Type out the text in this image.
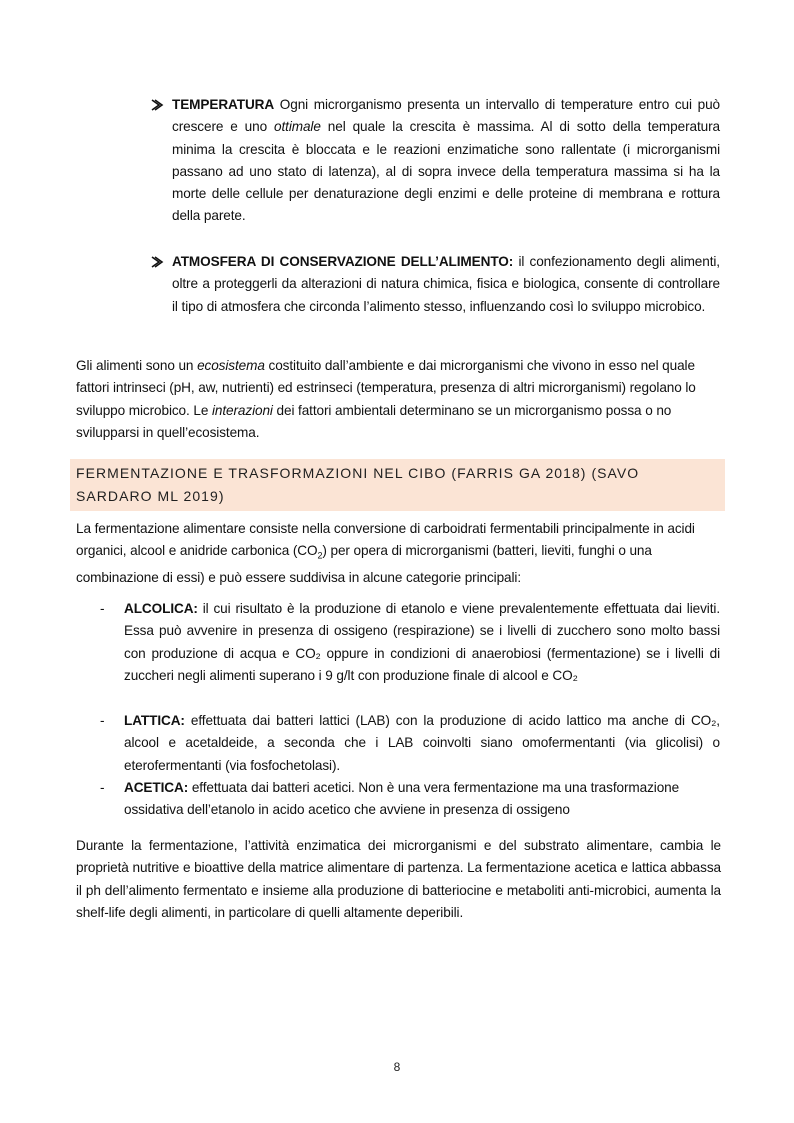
TEMPERATURA Ogni microrganismo presenta un intervallo di temperature entro cui può crescere e uno ottimale nel quale la crescita è massima. Al di sotto della temperatura minima la crescita è bloccata e le reazioni enzimatiche sono rallentate (i microrganismi passano ad uno stato di latenza), al di sopra invece della temperatura massima si ha la morte delle cellule per denaturazione degli enzimi e delle proteine di membrana e rottura della parete.
ATMOSFERA DI CONSERVAZIONE DELL’ALIMENTO: il confezionamento degli alimenti, oltre a proteggerli da alterazioni di natura chimica, fisica e biologica, consente di controllare il tipo di atmosfera che circonda l’alimento stesso, influenzando così lo sviluppo microbico.
Gli alimenti sono un ecosistema costituito dall’ambiente e dai microrganismi che vivono in esso nel quale fattori intrinseci (pH, aw, nutrienti) ed estrinseci (temperatura, presenza di altri microrganismi) regolano lo sviluppo microbico. Le interazioni dei fattori ambientali determinano se un microrganismo possa o no svilupparsi in quell’ecosistema.
FERMENTAZIONE E TRASFORMAZIONI NEL CIBO (FARRIS GA 2018) (SAVO SARDARO ML 2019)
La fermentazione alimentare consiste nella conversione di carboidrati fermentabili principalmente in acidi organici, alcool e anidride carbonica $(CO_2)$ per opera di microrganismi (batteri, lieviti, funghi o una combinazione di essi) e può essere suddivisa in alcune categorie principali:
-	ALCOLICA: il cui risultato è la produzione di etanolo e viene prevalentemente effettuata dai lieviti. Essa può avvenire in presenza di ossigeno (respirazione) se i livelli di zucchero sono molto bassi con produzione di acqua e CO₂ oppure in condizioni di anaerobiosi (fermentazione) se i livelli di zuccheri negli alimenti superano i 9 g/lt con produzione finale di alcool e CO₂
-	LATTICA: effettuata dai batteri lattici (LAB) con la produzione di acido lattico ma anche di CO₂, alcool e acetaldeide, a seconda che i LAB coinvolti siano omofermentanti (via glicolisi) o eterofermentanti (via fosfochetolasi).
-	ACETICA: effettuata dai batteri acetici. Non è una vera fermentazione ma una trasformazione ossidativa dell’etanolo in acido acetico che avviene in presenza di ossigeno
Durante la fermentazione, l’attività enzimatica dei microrganismi e del substrato alimentare, cambia le proprietà nutritive e bioattive della matrice alimentare di partenza. La fermentazione acetica e lattica abbassa il ph dell’alimento fermentato e insieme alla produzione di batteriocine e metaboliti anti-microbici, aumenta la shelf-life degli alimenti, in particolare di quelli altamente deperibili.
8
